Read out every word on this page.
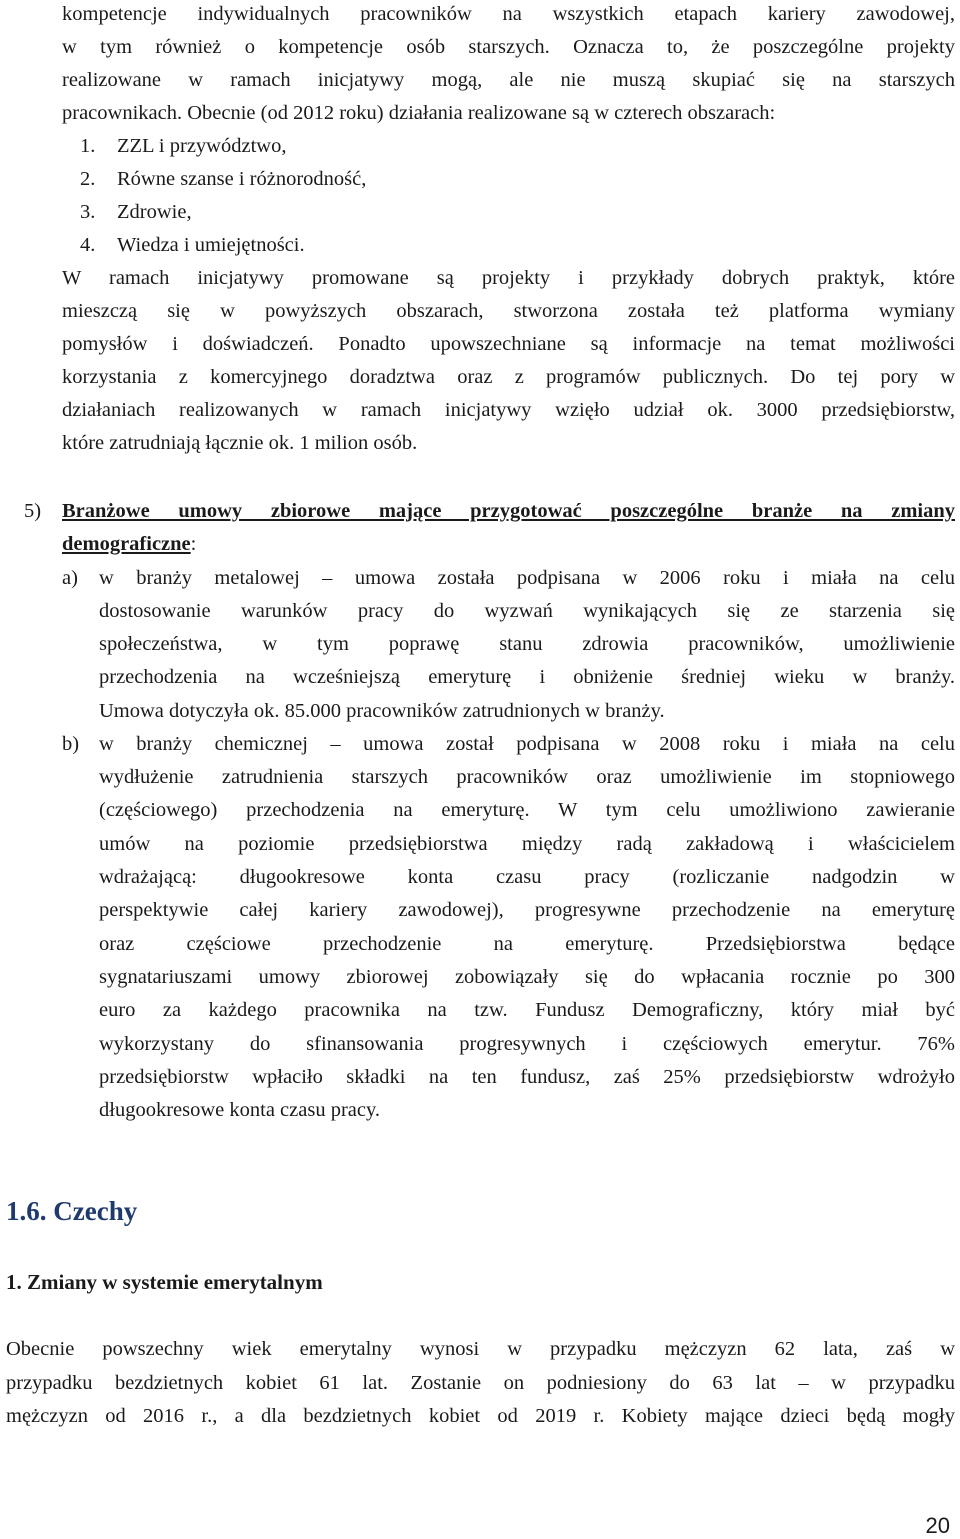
kompetencje indywidualnych pracowników na wszystkich etapach kariery zawodowej,
w tym również o kompetencje osób starszych. Oznacza to, że poszczególne projekty
realizowane w ramach inicjatywy mogą, ale nie muszą skupiać się na starszych
pracownikach. Obecnie (od 2012 roku) działania realizowane są w czterech obszarach:
1. ZZL i przywództwo,
2. Równe szanse i różnorodność,
3. Zdrowie,
4. Wiedza i umiejętności.
W ramach inicjatywy promowane są projekty i przykłady dobrych praktyk, które
mieszczą się w powyższych obszarach, stworzona została też platforma wymiany
pomysłów i doświadczeń. Ponadto upowszechniane są informacje na temat możliwości
korzystania z komercyjnego doradztwa oraz z programów publicznych. Do tej pory w
działaniach realizowanych w ramach inicjatywy wzięło udział ok. 3000 przedsiębiorstw,
które zatrudniają łącznie ok. 1 milion osób.
5) Branżowe umowy zbiorowe mające przygotować poszczególne branże na zmiany
demograficzne:
a) w branży metalowej – umowa została podpisana w 2006 roku i miała na celu
dostosowanie warunków pracy do wyzwań wynikających się ze starzenia się
społeczeństwa, w tym poprawę stanu zdrowia pracowników, umożliwienie
przechodzenia na wcześniejszą emeryturę i obniżenie średniej wieku w branży.
Umowa dotyczyła ok. 85.000 pracowników zatrudnionych w branży.
b) w branży chemicznej – umowa został podpisana w 2008 roku i miała na celu
wydłużenie zatrudnienia starszych pracowników oraz umożliwienie im stopniowego
(częściowego) przechodzenia na emeryturę. W tym celu umożliwiono zawieranie
umów na poziomie przedsiębiorstwa między radą zakładową i właścicielem
wdrażającą: długookresowe konta czasu pracy (rozliczanie nadgodzin w
perspektywie całej kariery zawodowej), progresywne przechodzenie na emeryturę
oraz częściowe przechodzenie na emeryturę. Przedsiębiorstwa będące
sygnatariuszami umowy zbiorowej zobowiązały się do wpłacania rocznie po 300
euro za każdego pracownika na tzw. Fundusz Demograficzny, który miał być
wykorzystany do sfinansowania progresywnych i częściowych emerytur. 76%
przedsiębiorstw wpłaciło składki na ten fundusz, zaś 25% przedsiębiorstw wdrożyło
długookresowe konta czasu pracy.
1.6. Czechy
1. Zmiany w systemie emerytalnym
Obecnie powszechny wiek emerytalny wynosi w przypadku mężczyzn 62 lata, zaś w
przypadku bezdzietnych kobiet 61 lat. Zostanie on podniesiony do 63 lat – w przypadku
mężczyzn od 2016 r., a dla bezdzietnych kobiet od 2019 r. Kobiety mające dzieci będą mogły
20
